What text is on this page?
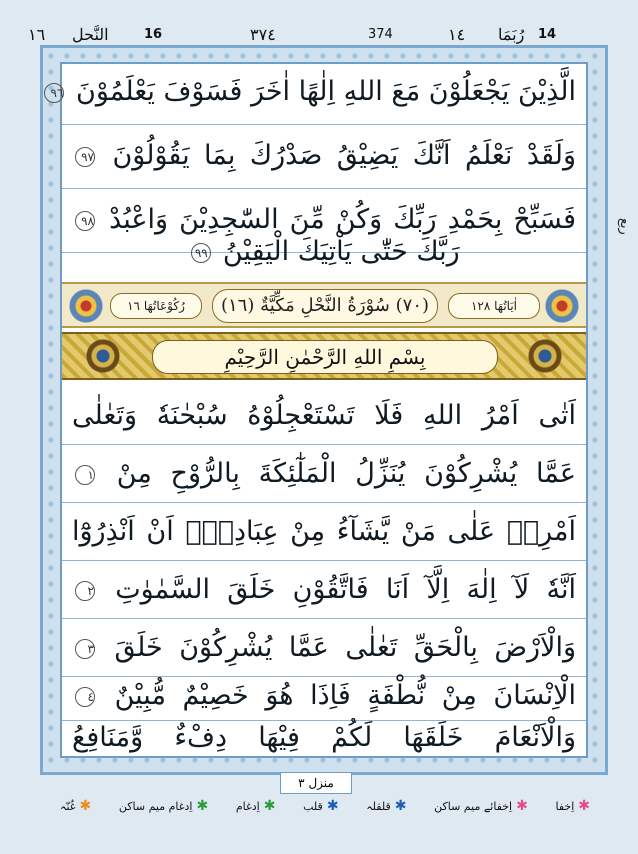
١٦ النَّحل	16	٣٧٤	374	١٤ رُبَمَا 14
الَّذِيْنَ يَجْعَلُوْنَ مَعَ اللهِ اِلٰهًا اٰخَرَ فَسَوْفَ يَعْلَمُوْنَ ٩٦
وَلَقَدْ نَعْلَمُ اَنَّكَ يَضِيْقُ صَدْرُكَ بِمَا يَقُوْلُوْنَ ٩٧
فَسَبِّحْ بِحَمْدِ رَبِّكَ وَكُنْ مِّنَ السّٰجِدِيْنَ وَاعْبُدْ ٩٨
رَبَّكَ حَتّٰى يَاْتِيَكَ الْيَقِيْنُ ٩٩
رُكُوْعَاتُهَا ١٦	(٧٠) سُوْرَةُ النَّحْلِ مَكِّيَّةٌ (١٦)	اٰيَاتُهَا ١٢٨
بِسْمِ اللهِ الرَّحْمٰنِ الرَّحِيْمِ
اَتٰى اَمْرُ اللهِ فَلَا تَسْتَعْجِلُوْهُ سُبْحٰنَهٗ وَتَعٰلٰى
عَمَّا يُشْرِكُوْنَ يُنَزِّلُ الْمَلٰٓئِكَةَ بِالرُّوْحِ مِنْ ١
اَمْرِهٖ عَلٰى مَنْ يَّشَآءُ مِنْ عِبَادِهٖٓ اَنْ اَنْذِرُوْٓا
اَنَّهٗ لَآ اِلٰهَ اِلَّآ اَنَا فَاتَّقُوْنِ خَلَقَ السَّمٰوٰتِ ٢
وَالْاَرْضَ بِالْحَقِّ تَعٰلٰى عَمَّا يُشْرِكُوْنَ خَلَقَ ٣
الْاِنْسَانَ مِنْ نُّطْفَةٍ فَاِذَا هُوَ خَصِيْمٌ مُّبِيْنٌ ٤
وَالْاَنْعَامَ خَلَقَهَا لَكُمْ فِيْهَا دِفْءٌ وَّمَنَافِعُ
ربع
منزل ٣
✱
اِخفا
✱
اِخفائے میم ساکن
✱
قلقلہ
✱
قلب
✱
اِدغام
✱
اِدغام میم ساکن
✱
غُنّہ
